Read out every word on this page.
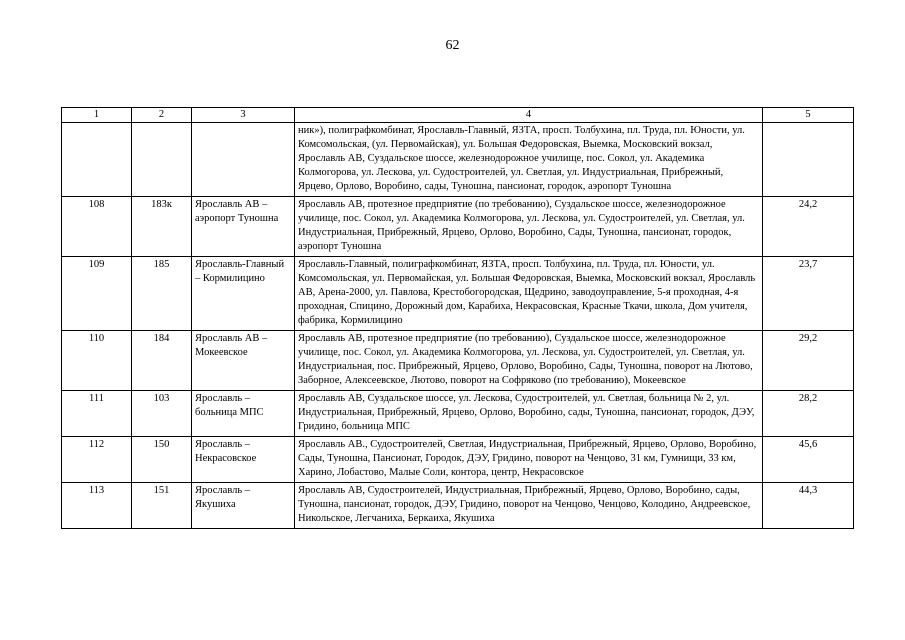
62
1	2	3	4	5
			ник»), полиграфкомбинат, Ярославль-Главный, ЯЗТА, просп. Толбухина, пл. Труда, пл. Юности, ул. Комсомольская, (ул. Первомайская), ул. Большая Федоровская, Выемка, Московский вокзал, Ярославль АВ, Суздальское шоссе, железнодорожное училище, пос. Сокол, ул. Академика Колмогорова, ул. Лескова, ул. Судостроителей, ул. Светлая, ул. Индустриальная, Прибрежный, Ярцево, Орлово, Воробино, сады, Туношна, пансионат, городок, аэропорт Туношна	
108	183к	Ярославль АВ – аэропорт Туношна	Ярославль АВ, протезное предприятие (по требованию), Суздальское шоссе, железнодорожное училище, пос. Сокол, ул. Академика Колмогорова, ул. Лескова, ул. Судостроителей, ул. Светлая, ул. Индустриальная, Прибрежный, Ярцево, Орлово, Воробино, Сады, Туношна, пансионат, городок, аэропорт Туношна	24,2
109	185	Ярославль-Главный – Кормилицино	Ярославль-Главный, полиграфкомбинат, ЯЗТА, просп. Толбухина, пл. Труда, пл. Юности, ул. Комсомольская, ул. Первомайская, ул. Большая Федоровская, Выемка, Московский вокзал, Ярославль АВ, Арена-2000, ул. Павлова, Крестобогородская, Щедрино, заводоуправление, 5-я проходная, 4-я проходная, Спицино, Дорожный дом, Карабиха, Некрасовская, Красные Ткачи, школа, Дом учителя, фабрика, Кормилицино	23,7
110	184	Ярославль АВ – Мокеевское	Ярославль АВ, протезное предприятие (по требованию), Суздальское шоссе, железнодорожное училище, пос. Сокол, ул. Академика Колмогорова, ул. Лескова, ул. Судостроителей, ул. Светлая, ул. Индустриальная, пос. Прибрежный, Ярцево, Орлово, Воробино, Сады, Туношна, поворот на Лютово, Заборное, Алексеевское, Лютово, поворот на Софряково (по требованию), Мокеевское	29,2
111	103	Ярославль – больница МПС	Ярославль АВ, Суздальское шоссе, ул. Лескова, Судостроителей, ул. Светлая, больница № 2, ул. Индустриальная, Прибрежный, Ярцево, Орлово, Воробино, сады, Туношна, пансионат, городок, ДЭУ, Гридино, больница МПС	28,2
112	150	Ярославль – Некрасовское	Ярославль АВ., Судостроителей, Светлая, Индустриальная, Прибрежный, Ярцево, Орлово, Воробино, Сады, Туношна, Пансионат, Городок, ДЭУ, Гридино, поворот на Ченцово, 31 км, Гумнищи, 33 км, Харино, Лобастово, Малые Соли, контора, центр, Некрасовское	45,6
113	151	Ярославль – Якушиха	Ярославль АВ, Судостроителей, Индустриальная, Прибрежный, Ярцево, Орлово, Воробино, сады, Туношна, пансионат, городок, ДЭУ, Гридино, поворот на Ченцово, Ченцово, Колодино, Андреевское, Никольское, Легчаниха, Беркаиха, Якушиха	44,3
